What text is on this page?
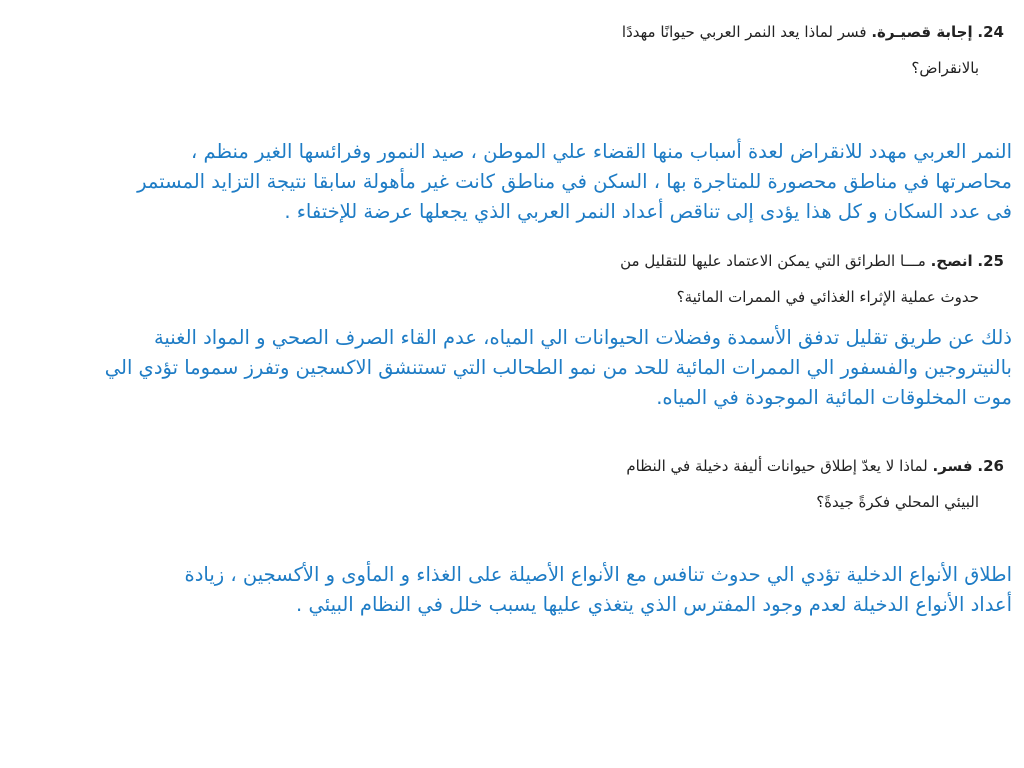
24. إجابة قصيـرة. فسر لماذا يعد النمر العربي حيوانًا مهددًا
بالانقراض؟
النمر العربي مهدد للانقراض لعدة أسباب منها القضاء علي الموطن ، صيد النمور وفرائسها الغير منظم ،
محاصرتها في مناطق محصورة للمتاجرة بها ، السكن في مناطق كانت غير مأهولة سابقا نتيجة التزايد المستمر
فى عدد السكان و كل هذا يؤدى إلى تناقص أعداد النمر العربي الذي يجعلها عرضة للإختفاء .
25. انصح. مـــا الطرائق التي يمكن الاعتماد عليها للتقليل من
حدوث عملية الإثراء الغذائي في الممرات المائية؟
ذلك عن طريق تقليل تدفق الأسمدة وفضلات الحيوانات الي المياه، عدم القاء الصرف الصحي و المواد الغنية
بالنيتروجين والفسفور الي الممرات المائية للحد من نمو الطحالب التي تستنشق الاكسجين وتفرز سموما تؤدي الي
موت المخلوقات المائية الموجودة في المياه.
26. فسر. لماذا لا يعدّ إطلاق حيوانات أليفة دخيلة في النظام
البيئي المحلي فكرةً جيدةً؟
اطلاق الأنواع الدخلية تؤدي الي حدوث تنافس مع الأنواع الأصيلة على الغذاء و المأوى و الأكسجين ، زيادة
أعداد الأنواع الدخيلة لعدم وجود المفترس الذي يتغذي عليها يسبب خلل في النظام البيئي .
